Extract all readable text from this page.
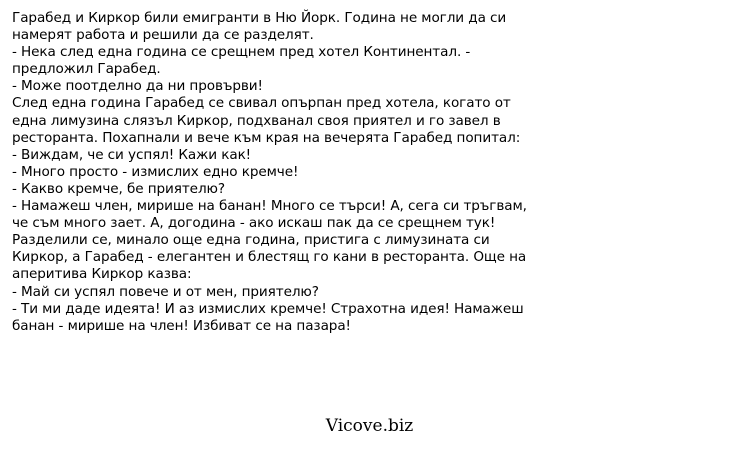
Гарабед и Киркор били емигранти в Ню Йорк. Година не могли да си
намерят работа и решили да се разделят.
- Нека след една година се срещнем пред хотел Континентал. -
предложил Гарабед.
- Може поотделно да ни провърви!
След една година Гарабед се свивал опърпан пред хотела, когато от
една лимузина слязъл Киркор, подхванал своя приятел и го завел в
ресторанта. Похапнали и вече към края на вечерята Гарабед попитал:
- Виждам, че си успял! Кажи как!
- Много просто - измислих едно кремче!
- Какво кремче, бе приятелю?
- Намажеш член, мирише на банан! Много се търси! А, сега си тръгвам,
че съм много зает. А, догодина - ако искаш пак да се срещнем тук!
Разделили се, минало още една година, пристига с лимузината си
Киркор, а Гарабед - елегантен и блестящ го кани в ресторанта. Още на
аперитива Киркор казва:
- Май си успял повече и от мен, приятелю?
- Ти ми даде идеята! И аз измислих кремче! Страхотна идея! Намажеш
банан - мирише на член! Избиват се на пазара!
Vicove.biz
